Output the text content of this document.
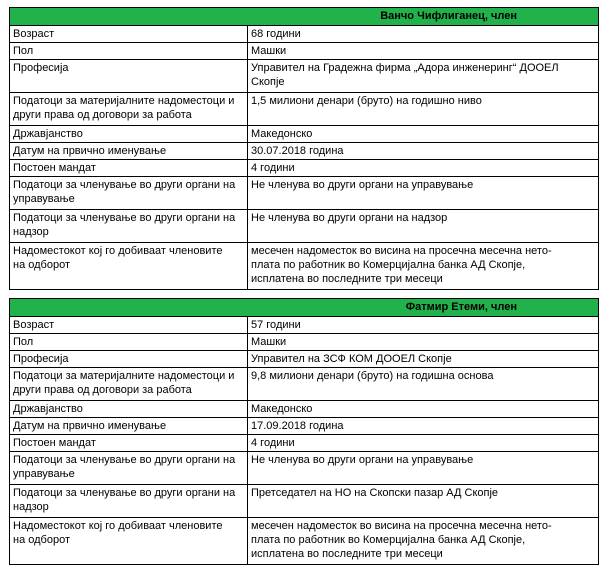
Ванчо Чифлиганец, член	
Возраст	68 години
Пол	Машки
Професија	Управител на Градежна фирма „Адора инженеринг“ ДООЕЛ
Скопје
Податоци за материјалните надоместоци и
други права од договори за работа	1,5 милиони денари (бруто) на годишно ниво
Државјанство	Македонско
Датум на првично именување	30.07.2018 година
Постоен мандат	4 години
Податоци за членување во други органи на
управување	Не членува во други органи на управување
Податоци за членување во други органи на
надзор	Не членува во други органи на надзор
Надоместокот кој го добиваат членовите
на одборот	месечен надоместок во висина на просечна месечна нето-
плата по работник во Комерцијална банка АД Скопје,
исплатена во последните три месеци

Фатмир Етеми, член	
Возраст	57 години
Пол	Машки
Професија	Управител на ЗСФ КОМ ДООЕЛ Скопје
Податоци за материјалните надоместоци и
други права од договори за работа	9,8 милиони денари (бруто) на годишна основа
Државјанство	Македонско
Датум на првично именување	17.09.2018 година
Постоен мандат	4 години
Податоци за членување во други органи на
управување	Не членува во други органи на управување
Податоци за членување во други органи на
надзор	Претседател на НО на Скопски пазар АД Скопје
Надоместокот кој го добиваат членовите
на одборот	месечен надоместок во висина на просечна месечна нето-
плата по работник во Комерцијална банка АД Скопје,
исплатена во последните три месеци
